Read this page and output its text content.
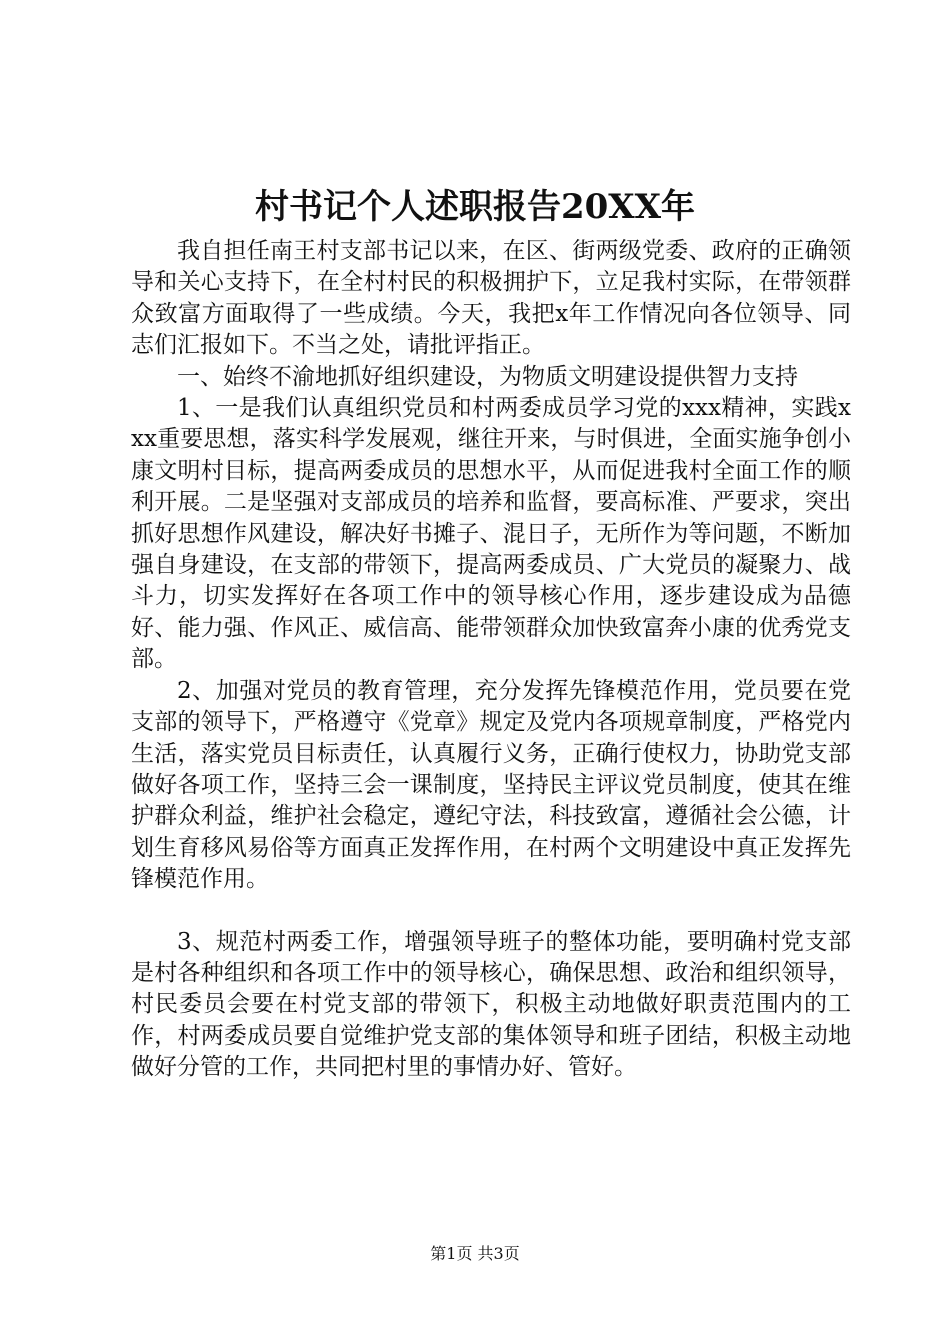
村书记个人述职报告20XX年

我自担任南王村支部书记以来，在区、街两级党委、政府的正确领导和关心支持下，在全村村民的积极拥护下，立足我村实际，在带领群众致富方面取得了一些成绩。今天，我把x年工作情况向各位领导、同志们汇报如下。不当之处，请批评指正。

一、始终不渝地抓好组织建设，为物质文明建设提供智力支持

1、一是我们认真组织党员和村两委成员学习党的xxx精神，实践xxx重要思想，落实科学发展观，继往开来，与时俱进，全面实施争创小康文明村目标，提高两委成员的思想水平，从而促进我村全面工作的顺利开展。二是坚强对支部成员的培养和监督，要高标准、严要求，突出抓好思想作风建设，解决好书摊子、混日子，无所作为等问题，不断加强自身建设，在支部的带领下，提高两委成员、广大党员的凝聚力、战斗力，切实发挥好在各项工作中的领导核心作用，逐步建设成为品德好、能力强、作风正、威信高、能带领群众加快致富奔小康的优秀党支部。

2、加强对党员的教育管理，充分发挥先锋模范作用，党员要在党支部的领导下，严格遵守《党章》规定及党内各项规章制度，严格党内生活，落实党员目标责任，认真履行义务，正确行使权力，协助党支部做好各项工作，坚持三会一课制度，坚持民主评议党员制度，使其在维护群众利益，维护社会稳定，遵纪守法，科技致富，遵循社会公德，计划生育移风易俗等方面真正发挥作用，在村两个文明建设中真正发挥先锋模范作用。

3、规范村两委工作，增强领导班子的整体功能，要明确村党支部是村各种组织和各项工作中的领导核心，确保思想、政治和组织领导，村民委员会要在村党支部的带领下，积极主动地做好职责范围内的工作，村两委成员要自觉维护党支部的集体领导和班子团结，积极主动地做好分管的工作，共同把村里的事情办好、管好。

第1页 共3页
